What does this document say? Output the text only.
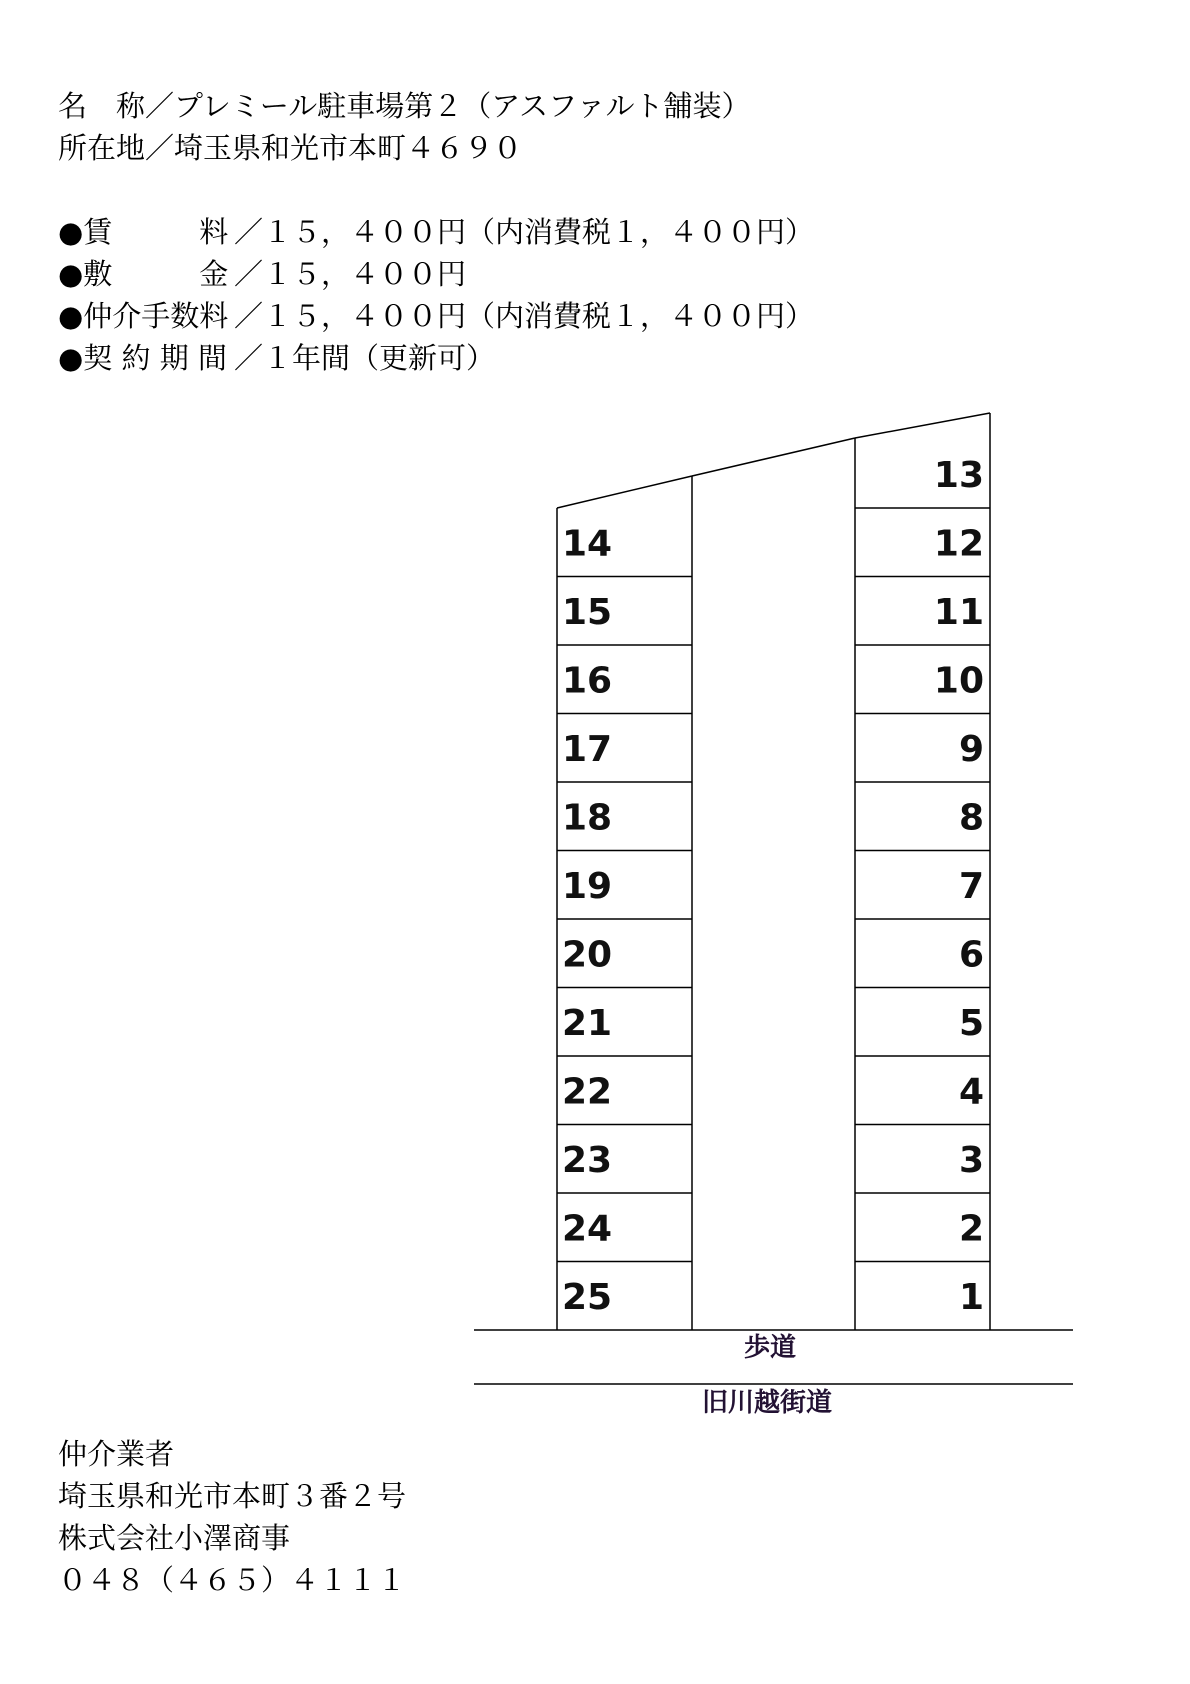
名　称／プレミール駐車場第２（アスファルト舗装）
所在地／埼玉県和光市本町４６９０
●賃　　　料 ／１５，４００円（内消費税１，４００円）
●敷　　　金 ／１５，４００円
●仲介手数料 ／１５，４００円（内消費税１，４００円）
●契 約 期 間 ／１年間（更新可）
14
15
16
17
18
19
20
21
22
23
24
25
13
12
11
10
9
8
7
6
5
4
3
2
1
歩道
旧川越街道
仲介業者
埼玉県和光市本町３番２号
株式会社小澤商事
０４８（４６５）４１１１
